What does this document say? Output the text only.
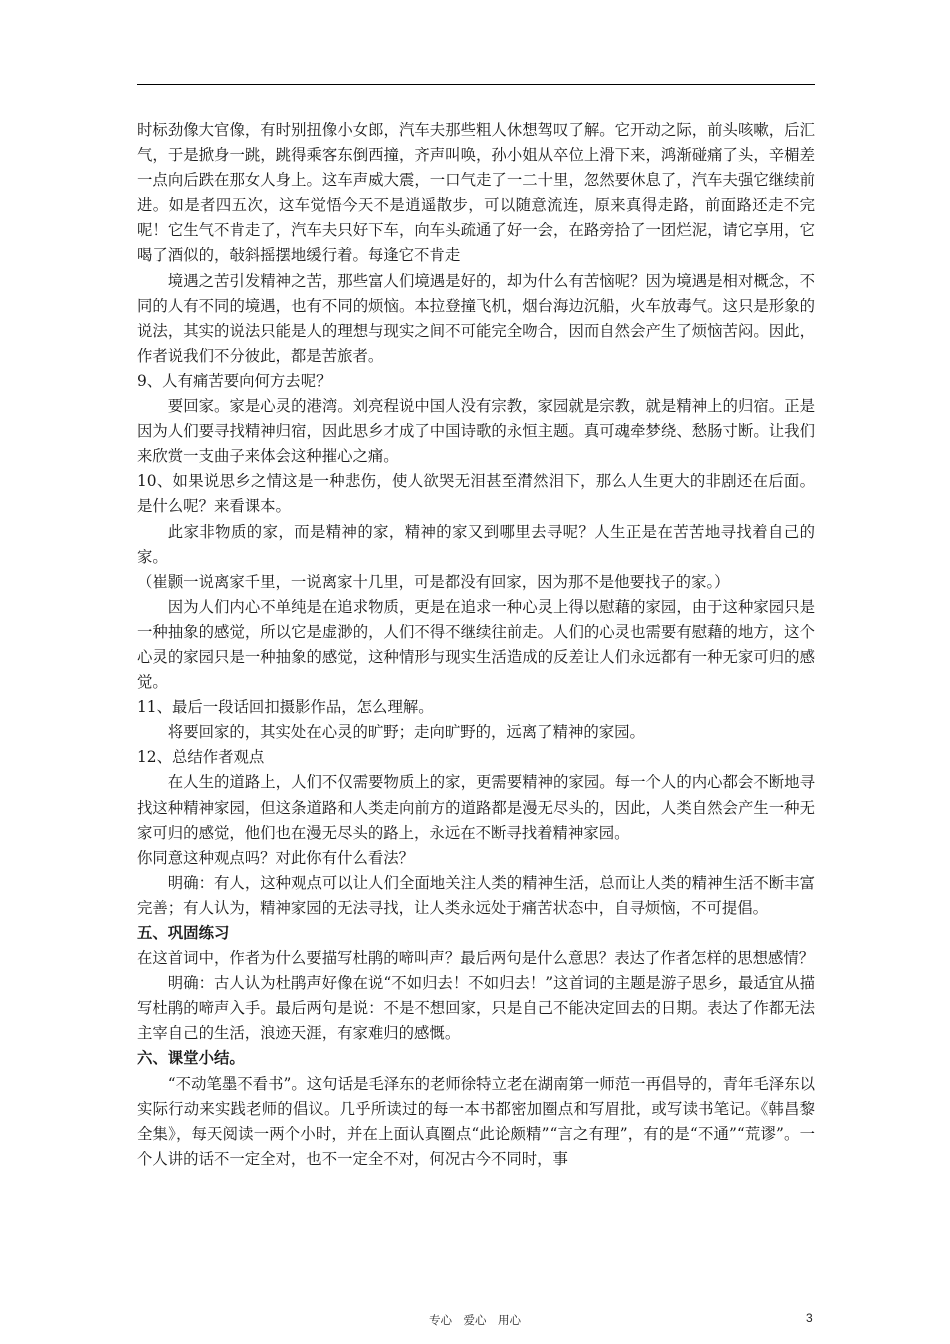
时标劲像大官像，有时别扭像小女郎，汽车夫那些粗人休想驾叹了解。它开动之际，前头咳嗽，后汇气，于是掀身一跳，跳得乘客东倒西撞，齐声叫唤，孙小姐从卒位上滑下来，鸿渐碰痛了头，辛楣差一点向后跌在那女人身上。这车声威大震，一口气走了一二十里，忽然要休息了，汽车夫强它继续前进。如是者四五次，这车觉悟今天不是逍遥散步，可以随意流连，原来真得走路，前面路还走不完呢！它生气不肯走了，汽车夫只好下车，向车头疏通了好一会，在路旁拾了一团烂泥，请它享用，它喝了酒似的，敧斜摇摆地缓行着。每逢它不肯走

境遇之苦引发精神之苦，那些富人们境遇是好的，却为什么有苦恼呢？因为境遇是相对概念，不同的人有不同的境遇，也有不同的烦恼。本拉登撞飞机，烟台海边沉船，火车放毒气。这只是形象的说法，其实的说法只能是人的理想与现实之间不可能完全吻合，因而自然会产生了烦恼苦闷。因此，作者说我们不分彼此，都是苦旅者。

9、人有痛苦要向何方去呢？

要回家。家是心灵的港湾。刘亮程说中国人没有宗教，家园就是宗教，就是精神上的归宿。正是　因为人们要寻找精神归宿，因此思乡才成了中国诗歌的永恒主题。真可魂牵梦绕、愁肠寸断。让我们来欣赏一支曲子来体会这种摧心之痛。

10、如果说思乡之情这是一种悲伤，使人欲哭无泪甚至潸然泪下，那么人生更大的非剧还在后面。是什么呢？来看课本。

此家非物质的家，而是精神的家，精神的家又到哪里去寻呢？人生正是在苦苦地寻找着自己的家。

（崔颢一说离家千里，一说离家十几里，可是都没有回家，因为那不是他要找子的家。）

因为人们内心不单纯是在追求物质，更是在追求一种心灵上得以慰藉的家园，由于这种家园只是一种抽象的感觉，所以它是虚渺的，人们不得不继续往前走。人们的心灵也需要有慰藉的地方，这个心灵的家园只是一种抽象的感觉，这种情形与现实生活造成的反差让人们永远都有一种无家可归的感觉。

11、最后一段话回扣摄影作品，怎么理解。

将要回家的，其实处在心灵的旷野；走向旷野的，远离了精神的家园。

12、总结作者观点

在人生的道路上，人们不仅需要物质上的家，更需要精神的家园。每一个人的内心都会不断地寻找这种精神家园，但这条道路和人类走向前方的道路都是漫无尽头的，因此，人类自然会产生一种无家可归的感觉，他们也在漫无尽头的路上，永远在不断寻找着精神家园。

你同意这种观点吗？对此你有什么看法？

明确：有人，这种观点可以让人们全面地关注人类的精神生活，总而让人类的精神生活不断丰富完善；有人认为，精神家园的无法寻找，让人类永远处于痛苦状态中，自寻烦恼，不可提倡。

五、巩固练习

在这首词中，作者为什么要描写杜鹃的啼叫声？最后两句是什么意思？表达了作者怎样的思想感情？

明确：古人认为杜鹃声好像在说“不如归去！不如归去！”这首词的主题是游子思乡，最适宜从描写杜鹃的啼声入手。最后两句是说：不是不想回家，只是自己不能决定回去的日期。表达了作都无法主宰自己的生活，浪迹天涯，有家难归的感慨。

六、课堂小结。

“不动笔墨不看书”。这句话是毛泽东的老师徐特立老在湖南第一师范一再倡导的，青年毛泽东以实际行动来实践老师的倡议。几乎所读过的每一本书都密加圈点和写眉批，或写读书笔记。《韩昌黎全集》，每天阅读一两个小时，并在上面认真圈点“此论颇精”“言之有理”，有的是“不通”“荒谬”。一个人讲的话不一定全对，也不一定全不对，何况古今不同时，事

专心　爱心　用心	3
